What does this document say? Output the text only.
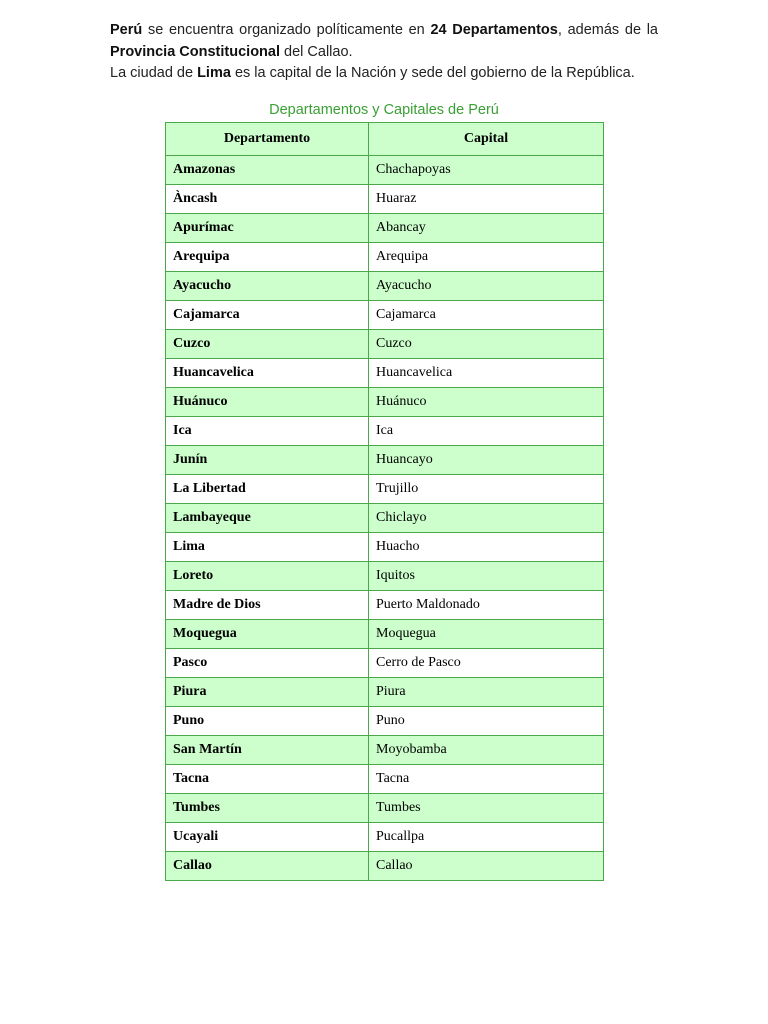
Perú se encuentra organizado políticamente en 24 Departamentos, además de la Provincia Constitucional del Callao.

La ciudad de Lima es la capital de la Nación y sede del gobierno de la República.

Departamentos y Capitales de Perú
Departamento	Capital
Amazonas	Chachapoyas
Àncash	Huaraz
Apurímac	Abancay
Arequipa	Arequipa
Ayacucho	Ayacucho
Cajamarca	Cajamarca
Cuzco	Cuzco
Huancavelica	Huancavelica
Huánuco	Huánuco
Ica	Ica
Junín	Huancayo
La Libertad	Trujillo
Lambayeque	Chiclayo
Lima	Huacho
Loreto	Iquitos
Madre de Dios	Puerto Maldonado
Moquegua	Moquegua
Pasco	Cerro de Pasco
Piura	Piura
Puno	Puno
San Martín	Moyobamba
Tacna	Tacna
Tumbes	Tumbes
Ucayali	Pucallpa
Callao	Callao
